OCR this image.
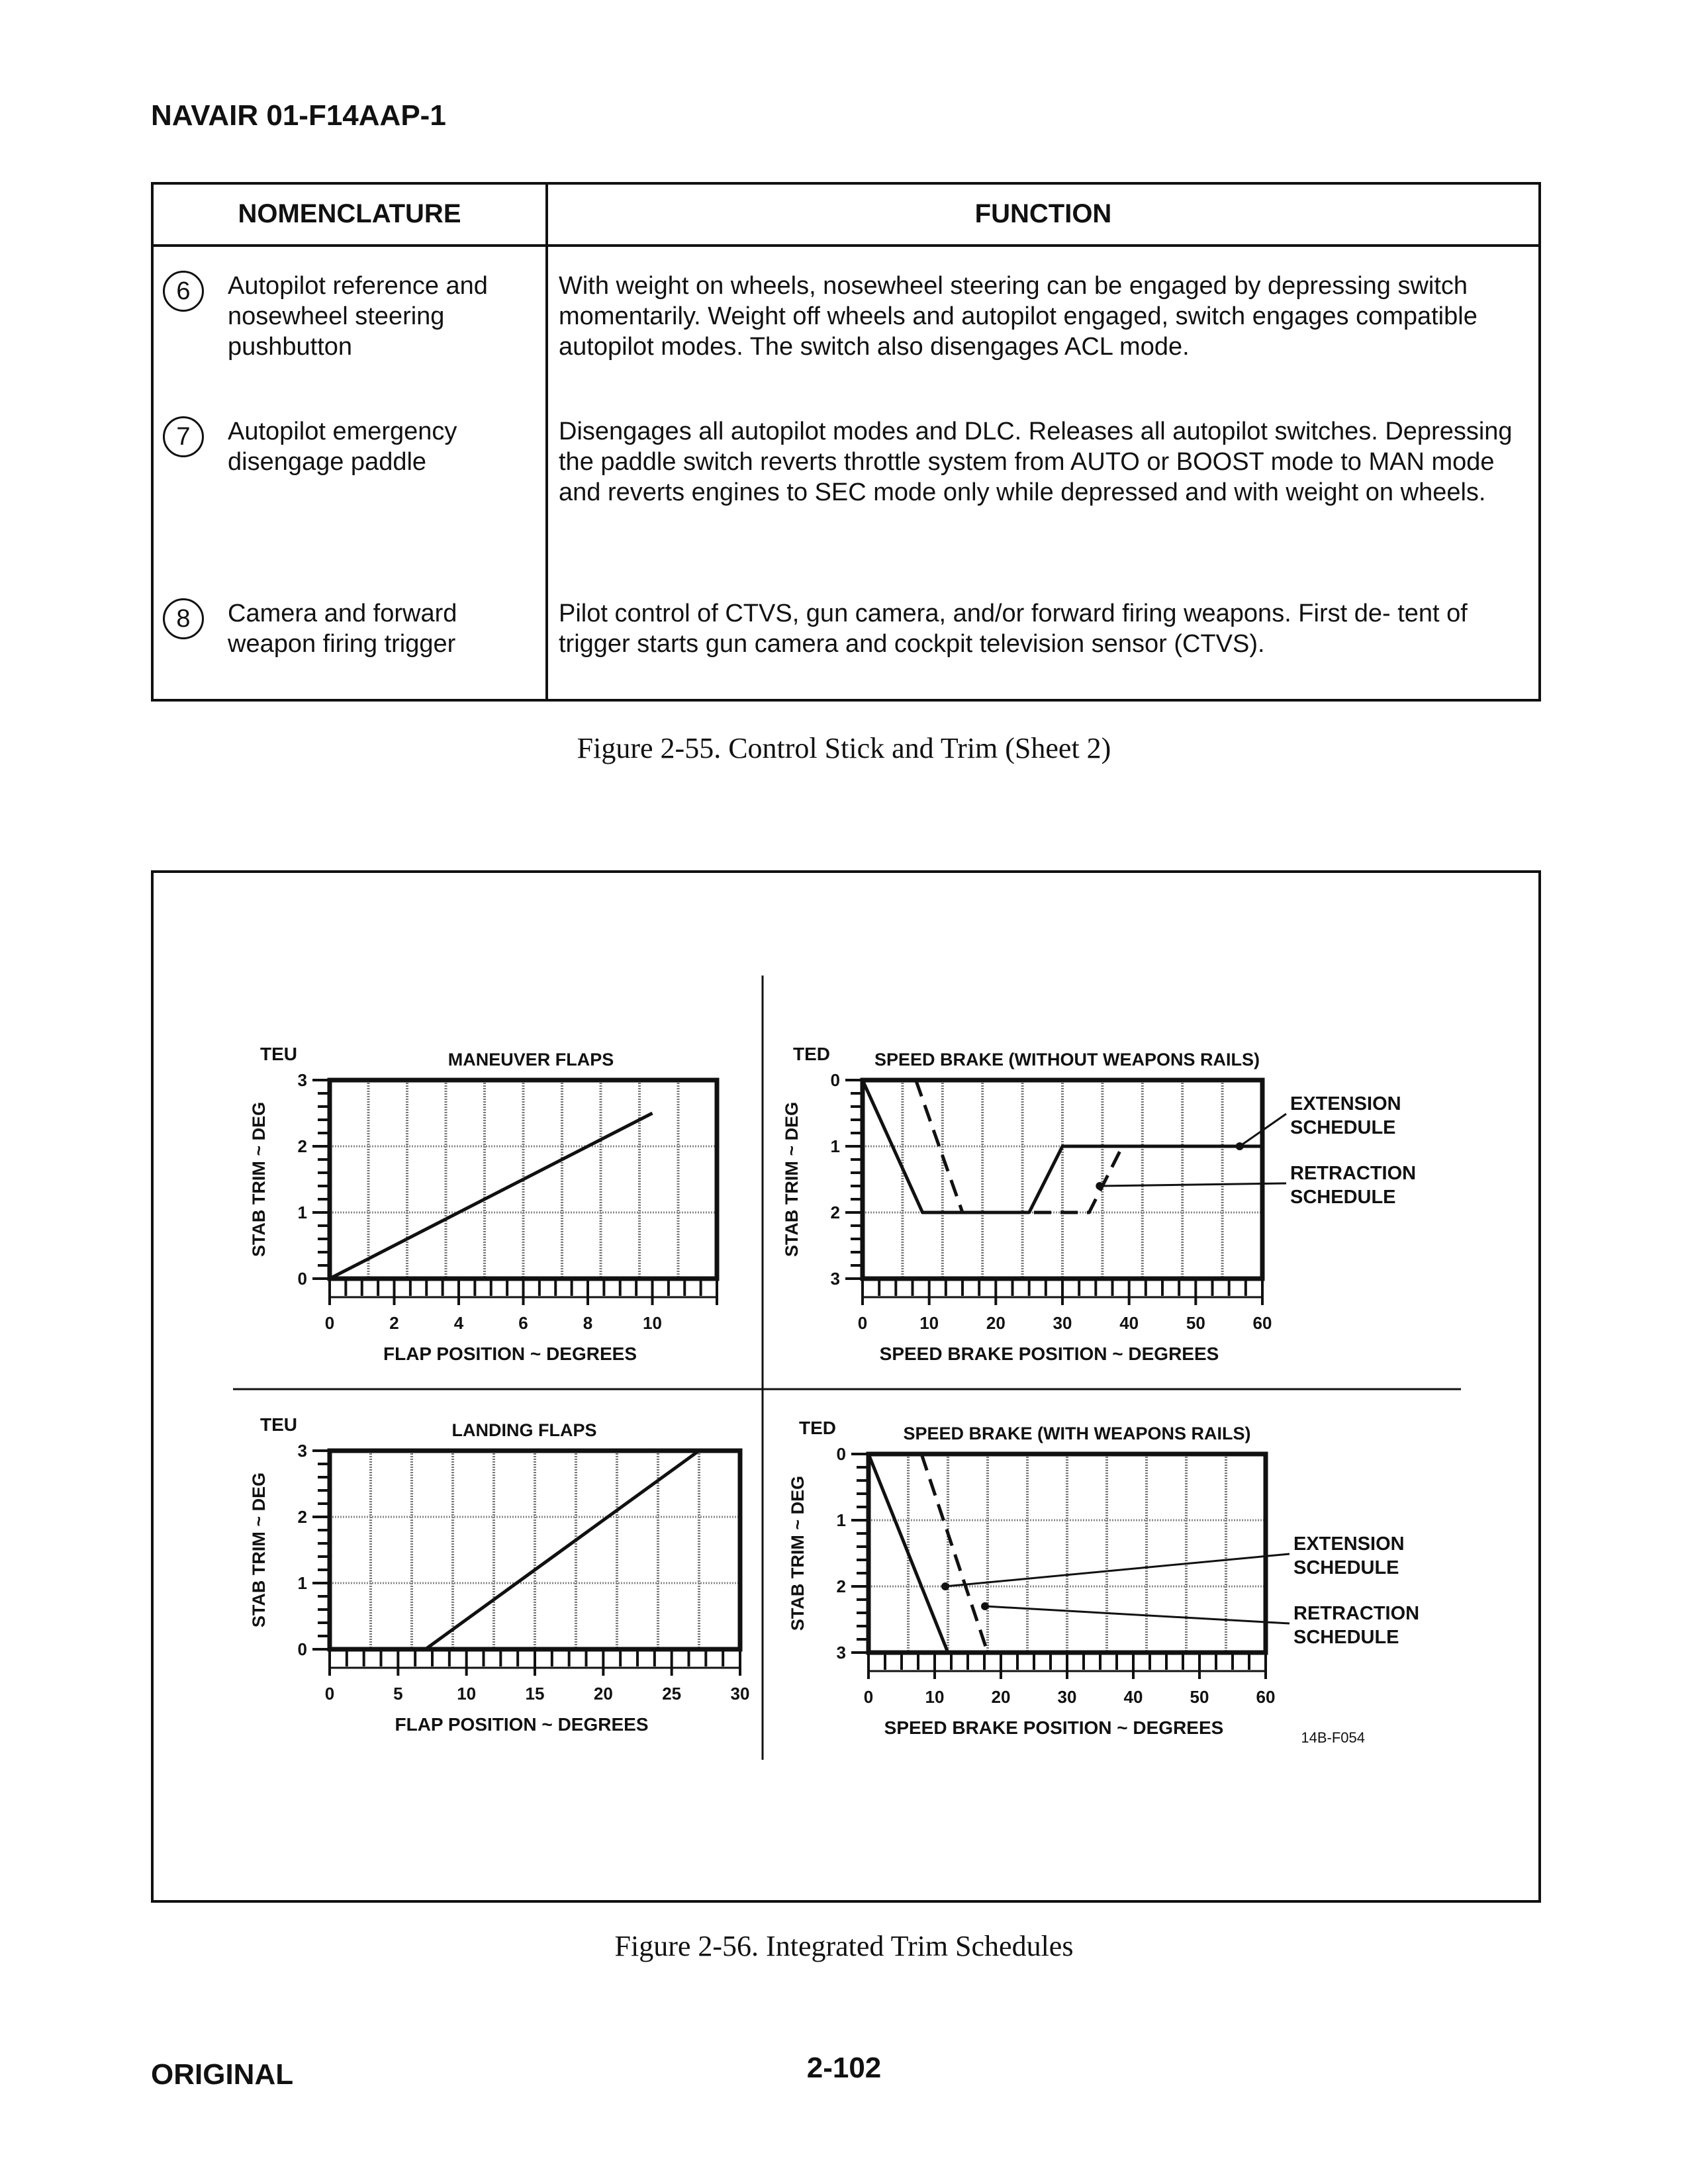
NAVAIR 01-F14AAP-1
NOMENCLATURE	FUNCTION
6	Autopilot reference and nosewheel steering pushbutton
With weight on wheels, nosewheel steering can be engaged by depressing switch momentarily. Weight off wheels and autopilot engaged, switch engages compatible autopilot modes. The switch also disengages ACL mode.
7	Autopilot emergency disengage paddle
Disengages all autopilot modes and DLC. Releases all autopilot switches. Depressing the paddle switch reverts throttle system from AUTO or BOOST mode to MAN mode and reverts engines to SEC mode only while depressed and with weight on wheels.
8	Camera and forward weapon firing trigger
Pilot control of CTVS, gun camera, and/or forward firing weapons. First de- tent of trigger starts gun camera and cockpit television sensor (CTVS).
Figure 2-55. Control Stick and Trim (Sheet 2)
0	2	4	6	8	10
0
1
2
3
MANEUVER FLAPS
TEU
FLAP POSITION ~ DEGREES
STAB TRIM ~ DEG
0	10	20	30	40	50	60
0
1
2
3
SPEED BRAKE (WITHOUT WEAPONS RAILS)
TED
SPEED BRAKE POSITION ~ DEGREES
STAB TRIM ~ DEG	EXTENSION
SCHEDULE
RETRACTION
SCHEDULE
0	5	10	15	20	25	30
0
1
2
3
LANDING FLAPS
TEU
FLAP POSITION ~ DEGREES
STAB TRIM ~ DEG
0	10	20	30	40	50	60
0
1
2
3
SPEED BRAKE (WITH WEAPONS RAILS)
TED
SPEED BRAKE POSITION ~ DEGREES
STAB TRIM ~ DEG	EXTENSION
SCHEDULE
RETRACTION
SCHEDULE
14B-F054
Figure 2-56. Integrated Trim Schedules
ORIGINAL	2-102
